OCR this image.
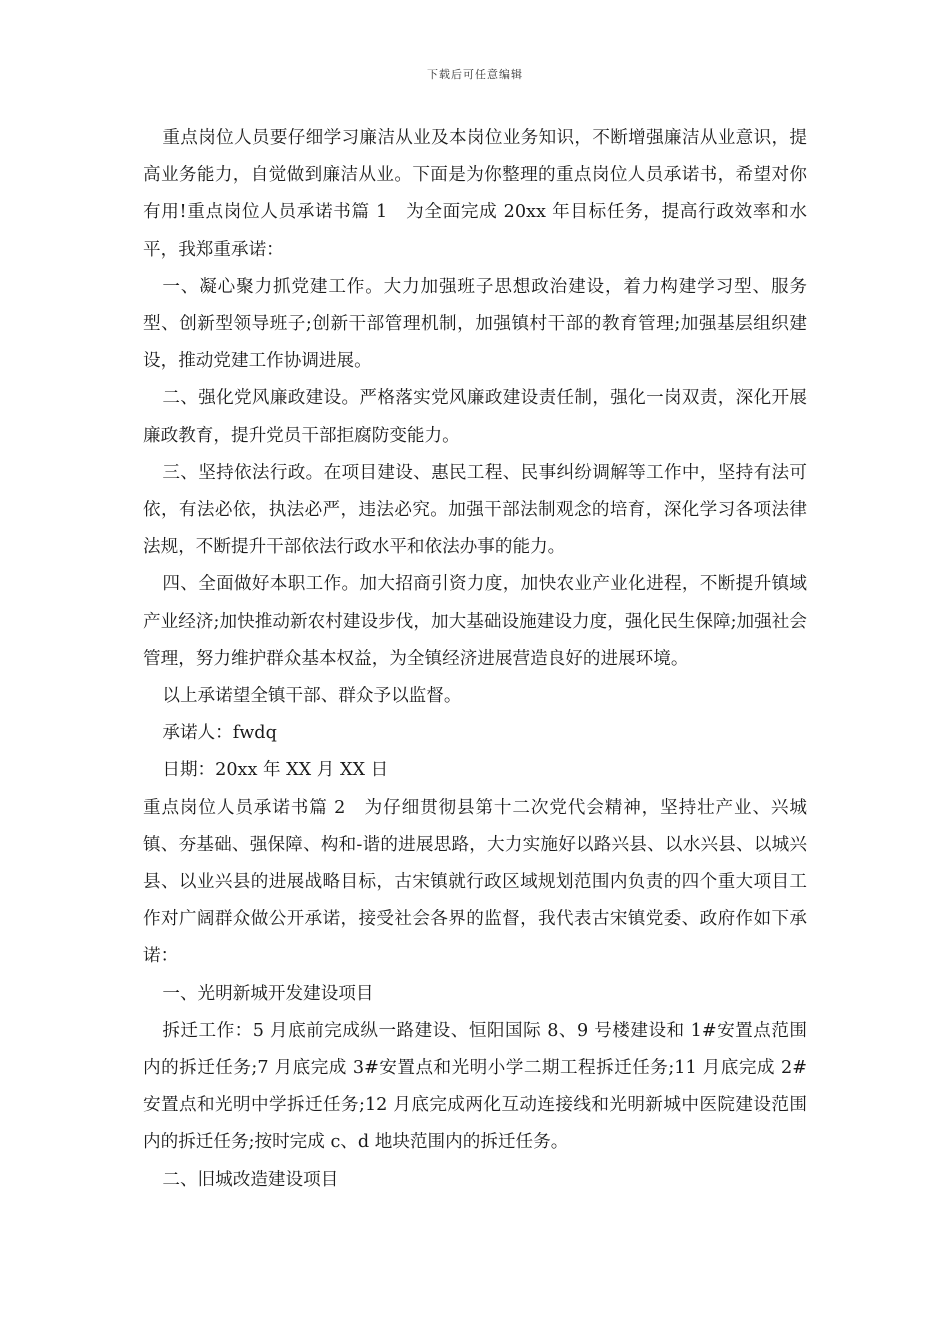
下载后可任意编辑

重点岗位人员要仔细学习廉洁从业及本岗位业务知识，不断增强廉洁从业意识，提高业务能力，自觉做到廉洁从业。下面是为你整理的重点岗位人员承诺书，希望对你有用!重点岗位人员承诺书篇 1　为全面完成 20xx 年目标任务，提高行政效率和水平，我郑重承诺：

一、凝心聚力抓党建工作。大力加强班子思想政治建设，着力构建学习型、服务型、创新型领导班子;创新干部管理机制，加强镇村干部的教育管理;加强基层组织建设，推动党建工作协调进展。

二、强化党风廉政建设。严格落实党风廉政建设责任制，强化一岗双责，深化开展廉政教育，提升党员干部拒腐防变能力。

三、坚持依法行政。在项目建设、惠民工程、民事纠纷调解等工作中，坚持有法可依，有法必依，执法必严，违法必究。加强干部法制观念的培育，深化学习各项法律法规，不断提升干部依法行政水平和依法办事的能力。

四、全面做好本职工作。加大招商引资力度，加快农业产业化进程，不断提升镇域产业经济;加快推动新农村建设步伐，加大基础设施建设力度，强化民生保障;加强社会管理，努力维护群众基本权益，为全镇经济进展营造良好的进展环境。

以上承诺望全镇干部、群众予以监督。

承诺人：fwdq

日期：20xx 年 XX 月 XX 日

重点岗位人员承诺书篇 2　为仔细贯彻县第十二次党代会精神，坚持壮产业、兴城镇、夯基础、强保障、构和-谐的进展思路，大力实施好以路兴县、以水兴县、以城兴县、以业兴县的进展战略目标，古宋镇就行政区域规划范围内负责的四个重大项目工作对广阔群众做公开承诺，接受社会各界的监督，我代表古宋镇党委、政府作如下承诺：

一、光明新城开发建设项目

拆迁工作：5 月底前完成纵一路建设、恒阳国际 8、9 号楼建设和 1#安置点范围内的拆迁任务;7 月底完成 3#安置点和光明小学二期工程拆迁任务;11 月底完成 2#安置点和光明中学拆迁任务;12 月底完成两化互动连接线和光明新城中医院建设范围内的拆迁任务;按时完成 c、d 地块范围内的拆迁任务。

二、旧城改造建设项目
